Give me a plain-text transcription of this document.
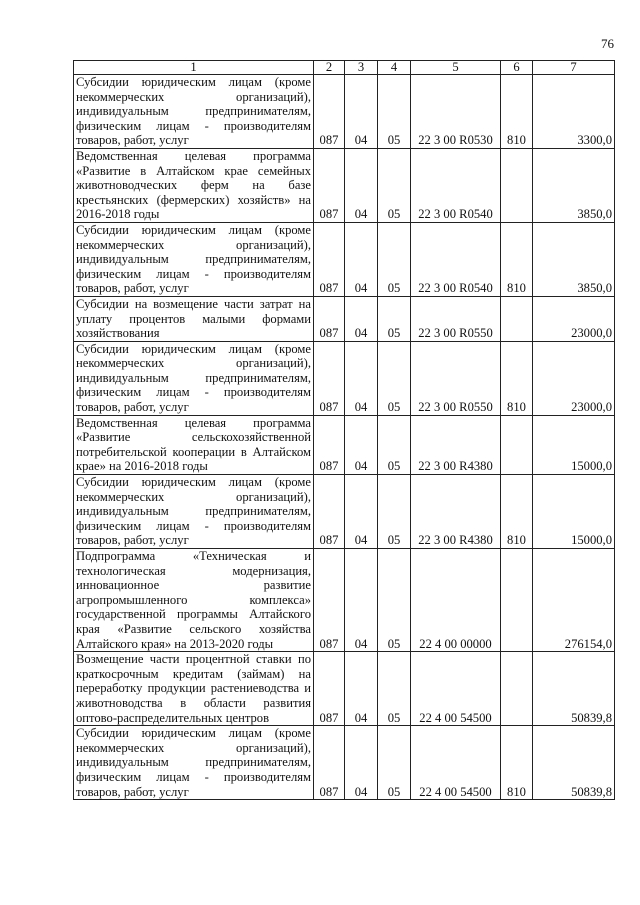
76
1	2	3	4	5	6	7
Субсидии юридическим лицам (кроме некоммерческих организаций), индивидуальным предпринимателям, физическим лицам - производителям товаров, работ, услуг	087	04	05	22 3 00 R0530	810	3300,0
Ведомственная целевая программа «Развитие в Алтайском крае семейных животноводческих ферм на базе крестьянских (фермерских) хозяйств» на 2016-2018 годы	087	04	05	22 3 00 R0540		3850,0
Субсидии юридическим лицам (кроме некоммерческих организаций), индивидуальным предпринимателям, физическим лицам - производителям товаров, работ, услуг	087	04	05	22 3 00 R0540	810	3850,0
Субсидии на возмещение части затрат на уплату процентов малыми формами хозяйствования	087	04	05	22 3 00 R0550		23000,0
Субсидии юридическим лицам (кроме некоммерческих организаций), индивидуальным предпринимателям, физическим лицам - производителям товаров, работ, услуг	087	04	05	22 3 00 R0550	810	23000,0
Ведомственная целевая программа «Развитие сельскохозяйственной потребительской кооперации в Алтайском крае» на 2016-2018 годы	087	04	05	22 3 00 R4380		15000,0
Субсидии юридическим лицам (кроме некоммерческих организаций), индивидуальным предпринимателям, физическим лицам - производителям товаров, работ, услуг	087	04	05	22 3 00 R4380	810	15000,0
Подпрограмма «Техническая и технологическая модернизация, инновационное развитие агропромышленного комплекса» государственной программы Алтайского края «Развитие сельского хозяйства Алтайского края» на 2013-2020 годы	087	04	05	22 4 00 00000		276154,0
Возмещение части процентной ставки по краткосрочным кредитам (займам) на переработку продукции растениеводства и животноводства в области развития оптово-распределительных центров	087	04	05	22 4 00 54500		50839,8
Субсидии юридическим лицам (кроме некоммерческих организаций), индивидуальным предпринимателям, физическим лицам - производителям товаров, работ, услуг	087	04	05	22 4 00 54500	810	50839,8
